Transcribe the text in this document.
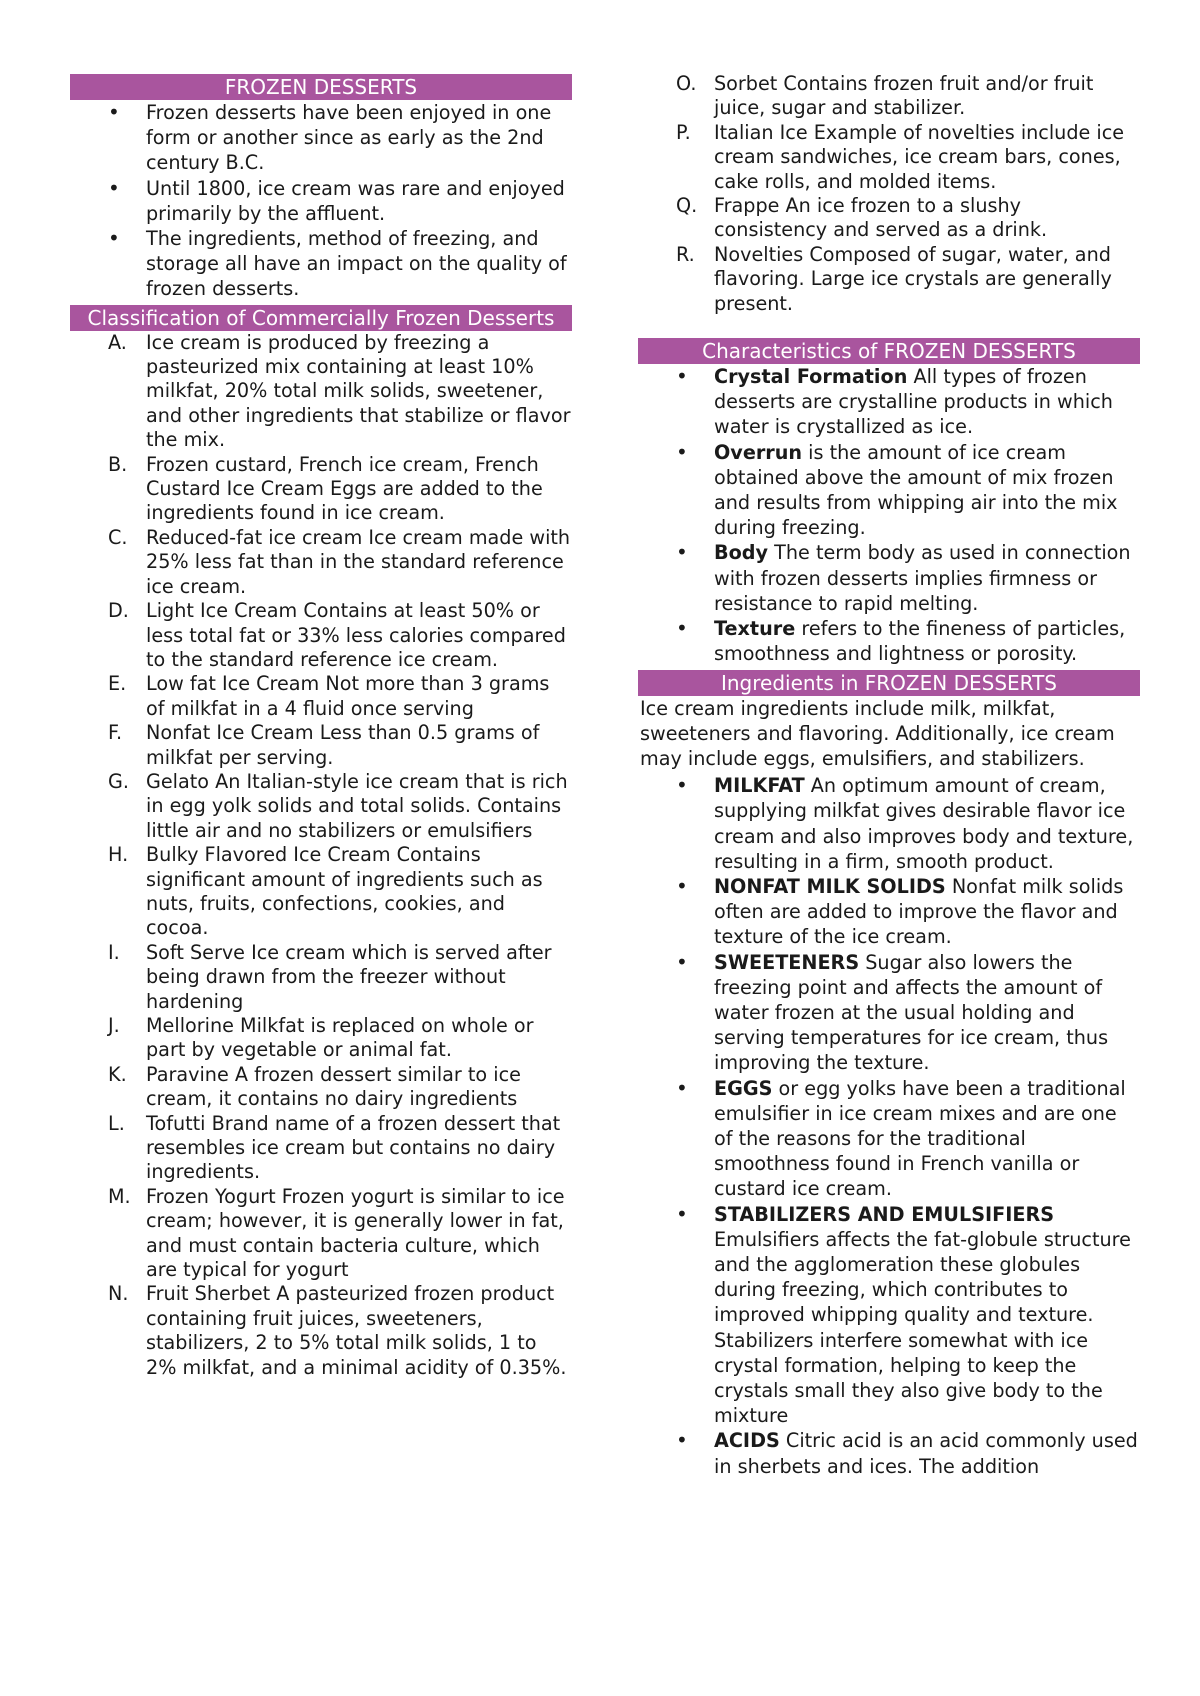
FROZEN DESSERTS
• Frozen desserts have been enjoyed in one form or another since as early as the 2nd century B.C.
• Until 1800, ice cream was rare and enjoyed primarily by the affluent.
• The ingredients, method of freezing, and storage all have an impact on the quality of frozen desserts.
Classification of Commercially Frozen Desserts
A. Ice cream is produced by freezing a pasteurized mix containing at least 10% milkfat, 20% total milk solids, sweetener, and other ingredients that stabilize or flavor the mix.
B. Frozen custard, French ice cream, French Custard Ice Cream Eggs are added to the ingredients found in ice cream.
C. Reduced-fat ice cream Ice cream made with 25% less fat than in the standard reference ice cream.
D. Light Ice Cream Contains at least 50% or less total fat or 33% less calories compared to the standard reference ice cream.
E. Low fat Ice Cream Not more than 3 grams of milkfat in a 4 fluid once serving
F. Nonfat Ice Cream Less than 0.5 grams of milkfat per serving.
G. Gelato An Italian-style ice cream that is rich in egg yolk solids and total solids. Contains little air and no stabilizers or emulsifiers
H. Bulky Flavored Ice Cream Contains significant amount of ingredients such as nuts, fruits, confections, cookies, and cocoa.
I. Soft Serve Ice cream which is served after being drawn from the freezer without hardening
J. Mellorine Milkfat is replaced on whole or part by vegetable or animal fat.
K. Paravine A frozen dessert similar to ice cream, it contains no dairy ingredients
L. Tofutti Brand name of a frozen dessert that resembles ice cream but contains no dairy ingredients.
M. Frozen Yogurt Frozen yogurt is similar to ice cream; however, it is generally lower in fat, and must contain bacteria culture, which are typical for yogurt
N. Fruit Sherbet A pasteurized frozen product containing fruit juices, sweeteners, stabilizers, 2 to 5% total milk solids, 1 to 2% milkfat, and a minimal acidity of 0.35%.
O. Sorbet Contains frozen fruit and/or fruit juice, sugar and stabilizer.
P. Italian Ice Example of novelties include ice cream sandwiches, ice cream bars, cones, cake rolls, and molded items.
Q. Frappe An ice frozen to a slushy consistency and served as a drink.
R. Novelties Composed of sugar, water, and flavoring. Large ice crystals are generally present.
Characteristics of FROZEN DESSERTS
• Crystal Formation All types of frozen desserts are crystalline products in which water is crystallized as ice.
• Overrun is the amount of ice cream obtained above the amount of mix frozen and results from whipping air into the mix during freezing.
• Body The term body as used in connection with frozen desserts implies firmness or resistance to rapid melting.
• Texture refers to the fineness of particles, smoothness and lightness or porosity.
Ingredients in FROZEN DESSERTS

Ice cream ingredients include milk, milkfat, sweeteners and flavoring. Additionally, ice cream may include eggs, emulsifiers, and stabilizers.

• MILKFAT An optimum amount of cream, supplying milkfat gives desirable flavor ice cream and also improves body and texture, resulting in a firm, smooth product.
• NONFAT MILK SOLIDS Nonfat milk solids often are added to improve the flavor and texture of the ice cream.
• SWEETENERS Sugar also lowers the freezing point and affects the amount of water frozen at the usual holding and serving temperatures for ice cream, thus improving the texture.
• EGGS or egg yolks have been a traditional emulsifier in ice cream mixes and are one of the reasons for the traditional smoothness found in French vanilla or custard ice cream.
• STABILIZERS AND EMULSIFIERS Emulsifiers affects the fat-globule structure and the agglomeration these globules during freezing, which contributes to improved whipping quality and texture. Stabilizers interfere somewhat with ice crystal formation, helping to keep the crystals small they also give body to the mixture
• ACIDS Citric acid is an acid commonly used in sherbets and ices. The addition
